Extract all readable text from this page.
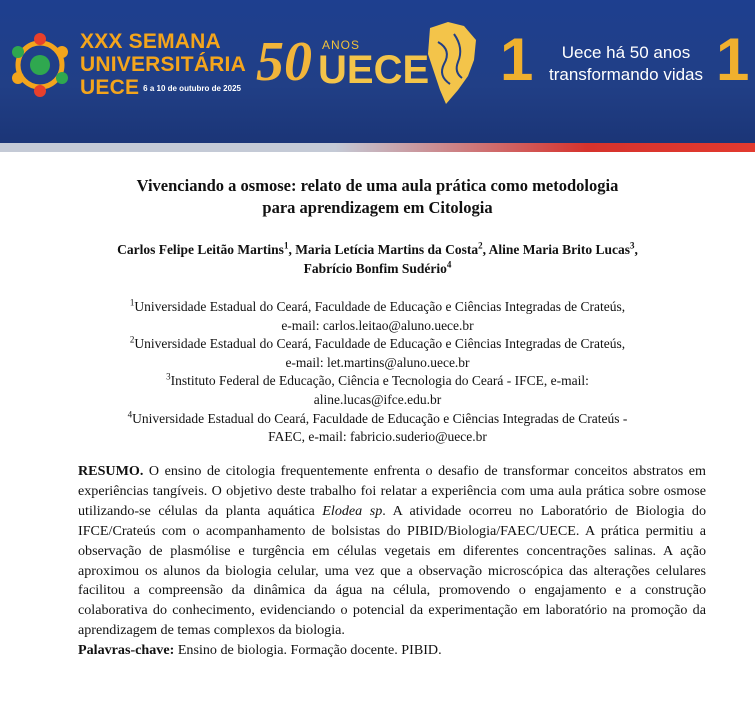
XXX SEMANA
UNIVERSITÁRIA
UECE 6 a 10 de outubro de 2025 50 ANOS
UECE 1	Uece há 50 anos
transformando vidas 1
Vivenciando a osmose: relato de uma aula prática como metodologia
para aprendizagem em Citologia
Carlos Felipe Leitão Martins$^1$, Maria Letícia Martins da Costa$^2$, Aline Maria Brito Lucas$^3$,
Fabrício Bonfim Sudério$^4$
$^1$Universidade Estadual do Ceará, Faculdade de Educação e Ciências Integradas de Crateús,
e-mail: carlos.leitao@aluno.uece.br
$^2$Universidade Estadual do Ceará, Faculdade de Educação e Ciências Integradas de Crateús,
e-mail: let.martins@aluno.uece.br
$^3$Instituto Federal de Educação, Ciência e Tecnologia do Ceará - IFCE, e-mail:
aline.lucas@ifce.edu.br
$^4$Universidade Estadual do Ceará, Faculdade de Educação e Ciências Integradas de Crateús -
FAEC, e-mail: fabricio.suderio@uece.br

RESUMO. O ensino de citologia frequentemente enfrenta o desafio de transformar conceitos abstratos em experiências tangíveis. O objetivo deste trabalho foi relatar a experiência com uma aula prática sobre osmose utilizando-se células da planta aquática Elodea sp. A atividade ocorreu no Laboratório de Biologia do IFCE/Crateús com o acompanhamento de bolsistas do PIBID/Biologia/FAEC/UECE. A prática permitiu a observação de plasmólise e turgência em células vegetais em diferentes concentrações salinas. A ação aproximou os alunos da biologia celular, uma vez que a observação microscópica das alterações celulares facilitou a compreensão da dinâmica da água na célula, promovendo o engajamento e a construção colaborativa do conhecimento, evidenciando o potencial da experimentação em laboratório na promoção da aprendizagem de temas complexos da biologia.

Palavras-chave: Ensino de biologia. Formação docente. PIBID.
